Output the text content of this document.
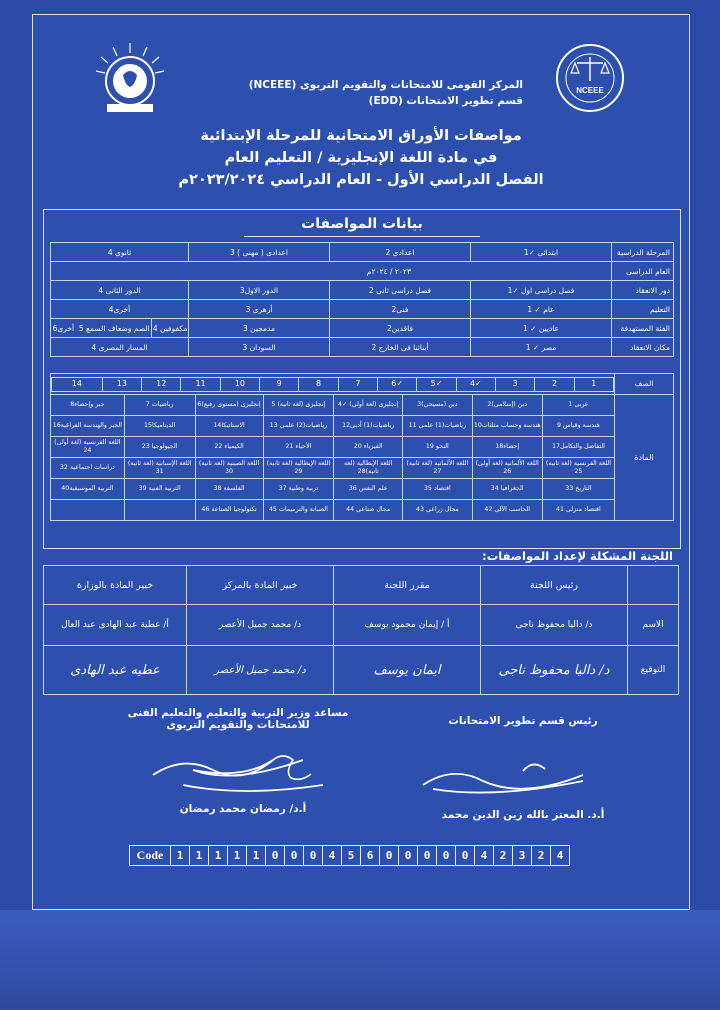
المركز القومى للامتحانات والتقويم التربوى (NCEEE)
قسم تطوير الامتحانات (EDD)
NCEEE
مواصفات الأوراق الامتحانية للمرحلة الإبتدائية
في مادة اللغة الإنجليزية / التعليم العام
الفصل الدراسي الأول - العام الدراسي ٢٠٢٣/٢٠٢٤م
بيانات المواصفات
المرحلة الدراسية	ابتدائى ✓1	اعدادى 2	اعدادى ( مهنى ) 3	ثانوى 4	
العام الدراسى	٢٠٢٣ / ٢٠٢٤م				
دور الانعقاد	فصل دراسى اول ✓1	فصل دراسى ثانى 2	الدور الاول3	الدور الثانى 4	
التعليم	عام ✓ 1	فنى2	أزهرى 3	أخرى4	
الفئة المستهدفة	عاديين ✓ 1	فاقدين2	مدمجين 3	مكفوفين 4	الصم وضعاف السمع 5  أخرى6
مكان الانعقاد	مصر ✓ 1	أبنائنا فى الخارج 2	السودان 3	المسار المصرى 4	
الصف	
1	2	3	✓4	✓5	✓6	7	8	9	10	11	12	13	14

المادة	عربى 1	دين (إسلامى)2	دين (مسيحى)3	إنجليزى (لغة أولى) ✓4	إنجليزى (لغة ثانية) 5	إنجليزى (مستوى رفيع)6	رياضيات 7	جبر وإحصاء8
هندسة وقياس 9	هندسة وحساب مثلثات10	رياضيات(1) علمى 11	رياضيات(1) أدبى12	رياضيات(2) علمى 13	الاستاتيكا14	الديناميكا15	الجبر والهندسة الفراغية16
التفاضل والتكامل17	إحصاء18	النحو 19	الفيزياء 20	الأحياء 21	الكيمياء 22	الجيولوجيا 23	اللغة الفرنسية (لغة أولى) 24
اللغة الفرنسية (لغة ثانية) 25	اللغة الألمانية (لغة أولى) 26	اللغة الألمانية (لغة ثانية) 27	اللغة الإيطالية (لغة ثانية)28	اللغة الإيطالية (لغة ثانية) 29	اللغة الصينية (لغة ثانية) 30	اللغة الإسبانية (لغة ثانية) 31	دراسات اجتماعية 32
التاريخ 33	الجغرافيا 34	اقتصاد 35	علم النفس 36	تربية وطنية 37	الفلسفة 38	التربية الفنية 39	التربية الموسيقية40
اقتصاد منزلى 41	الحاسب الآلى 42	مجال زراعى 43	مجال صناعى 44	الصيانة والترميمات 45	تكنولوجيا الصناعة 46		
اللجنة المشكلة لإعداد المواصفات:
	رئيس اللجنة	مقرر اللجنة	خبير المادة بالمركز	خبير المادة بالوزارة
الاسم	د/ داليا محفوظ ناجى	أ / إيمان محمود يوسف	د/ محمد جميل الأعصر	أ/ عطية عبد الهادى عبد العال
التوقيع	د/ داليا محفوظ ناجى	ايمان يوسف	د/ محمد جميل الأعصر	عطيه عبد الهادى
مساعد وزير التربية والتعليم والتعليم الفنى
للامتحانات والتقويم التربوى	رئيس قسم تطوير الامتحانات
أ.د/ رمضان محمد رمضان	أ.د. المعتز بالله زين الدين محمد
Code	1	1	1	1	1	0	0	0	4	5	6	0	0	0	0	0	4	2	3	2	4
